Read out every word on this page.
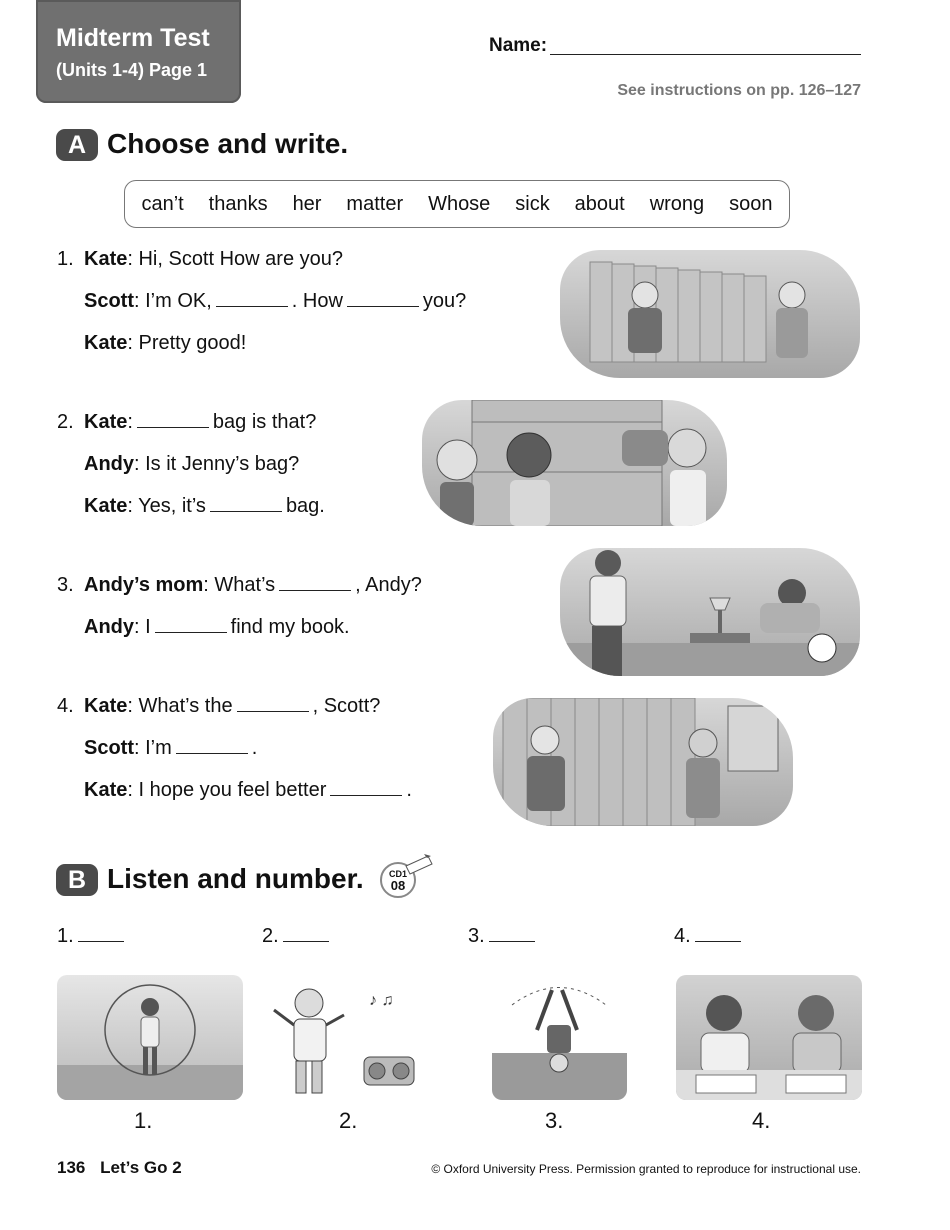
Midterm Test
(Units 1-4) Page 1
Name:
See instructions on pp. 126–127
A Choose and write.
can’t thanks her matter Whose sick about wrong soon
1. Kate: Hi, Scott How are you?
Scott: I’m OK,	. How	you?
Kate: Pretty good!
2. Kate:	bag is that?
Andy: Is it Jenny’s bag?
Kate: Yes, it’s	bag.
3. Andy’s mom: What’s	, Andy?
Andy: I	find my book.
4. Kate: What’s the	, Scott?
Scott: I’m	.
Kate: I hope you feel better	.
B Listen and number.	CD1
08
1.	2.	3.	4.
♪ ♫
1.	2.	3.	4.
136 Let’s Go 2	© Oxford University Press. Permission granted to reproduce for instructional use.
